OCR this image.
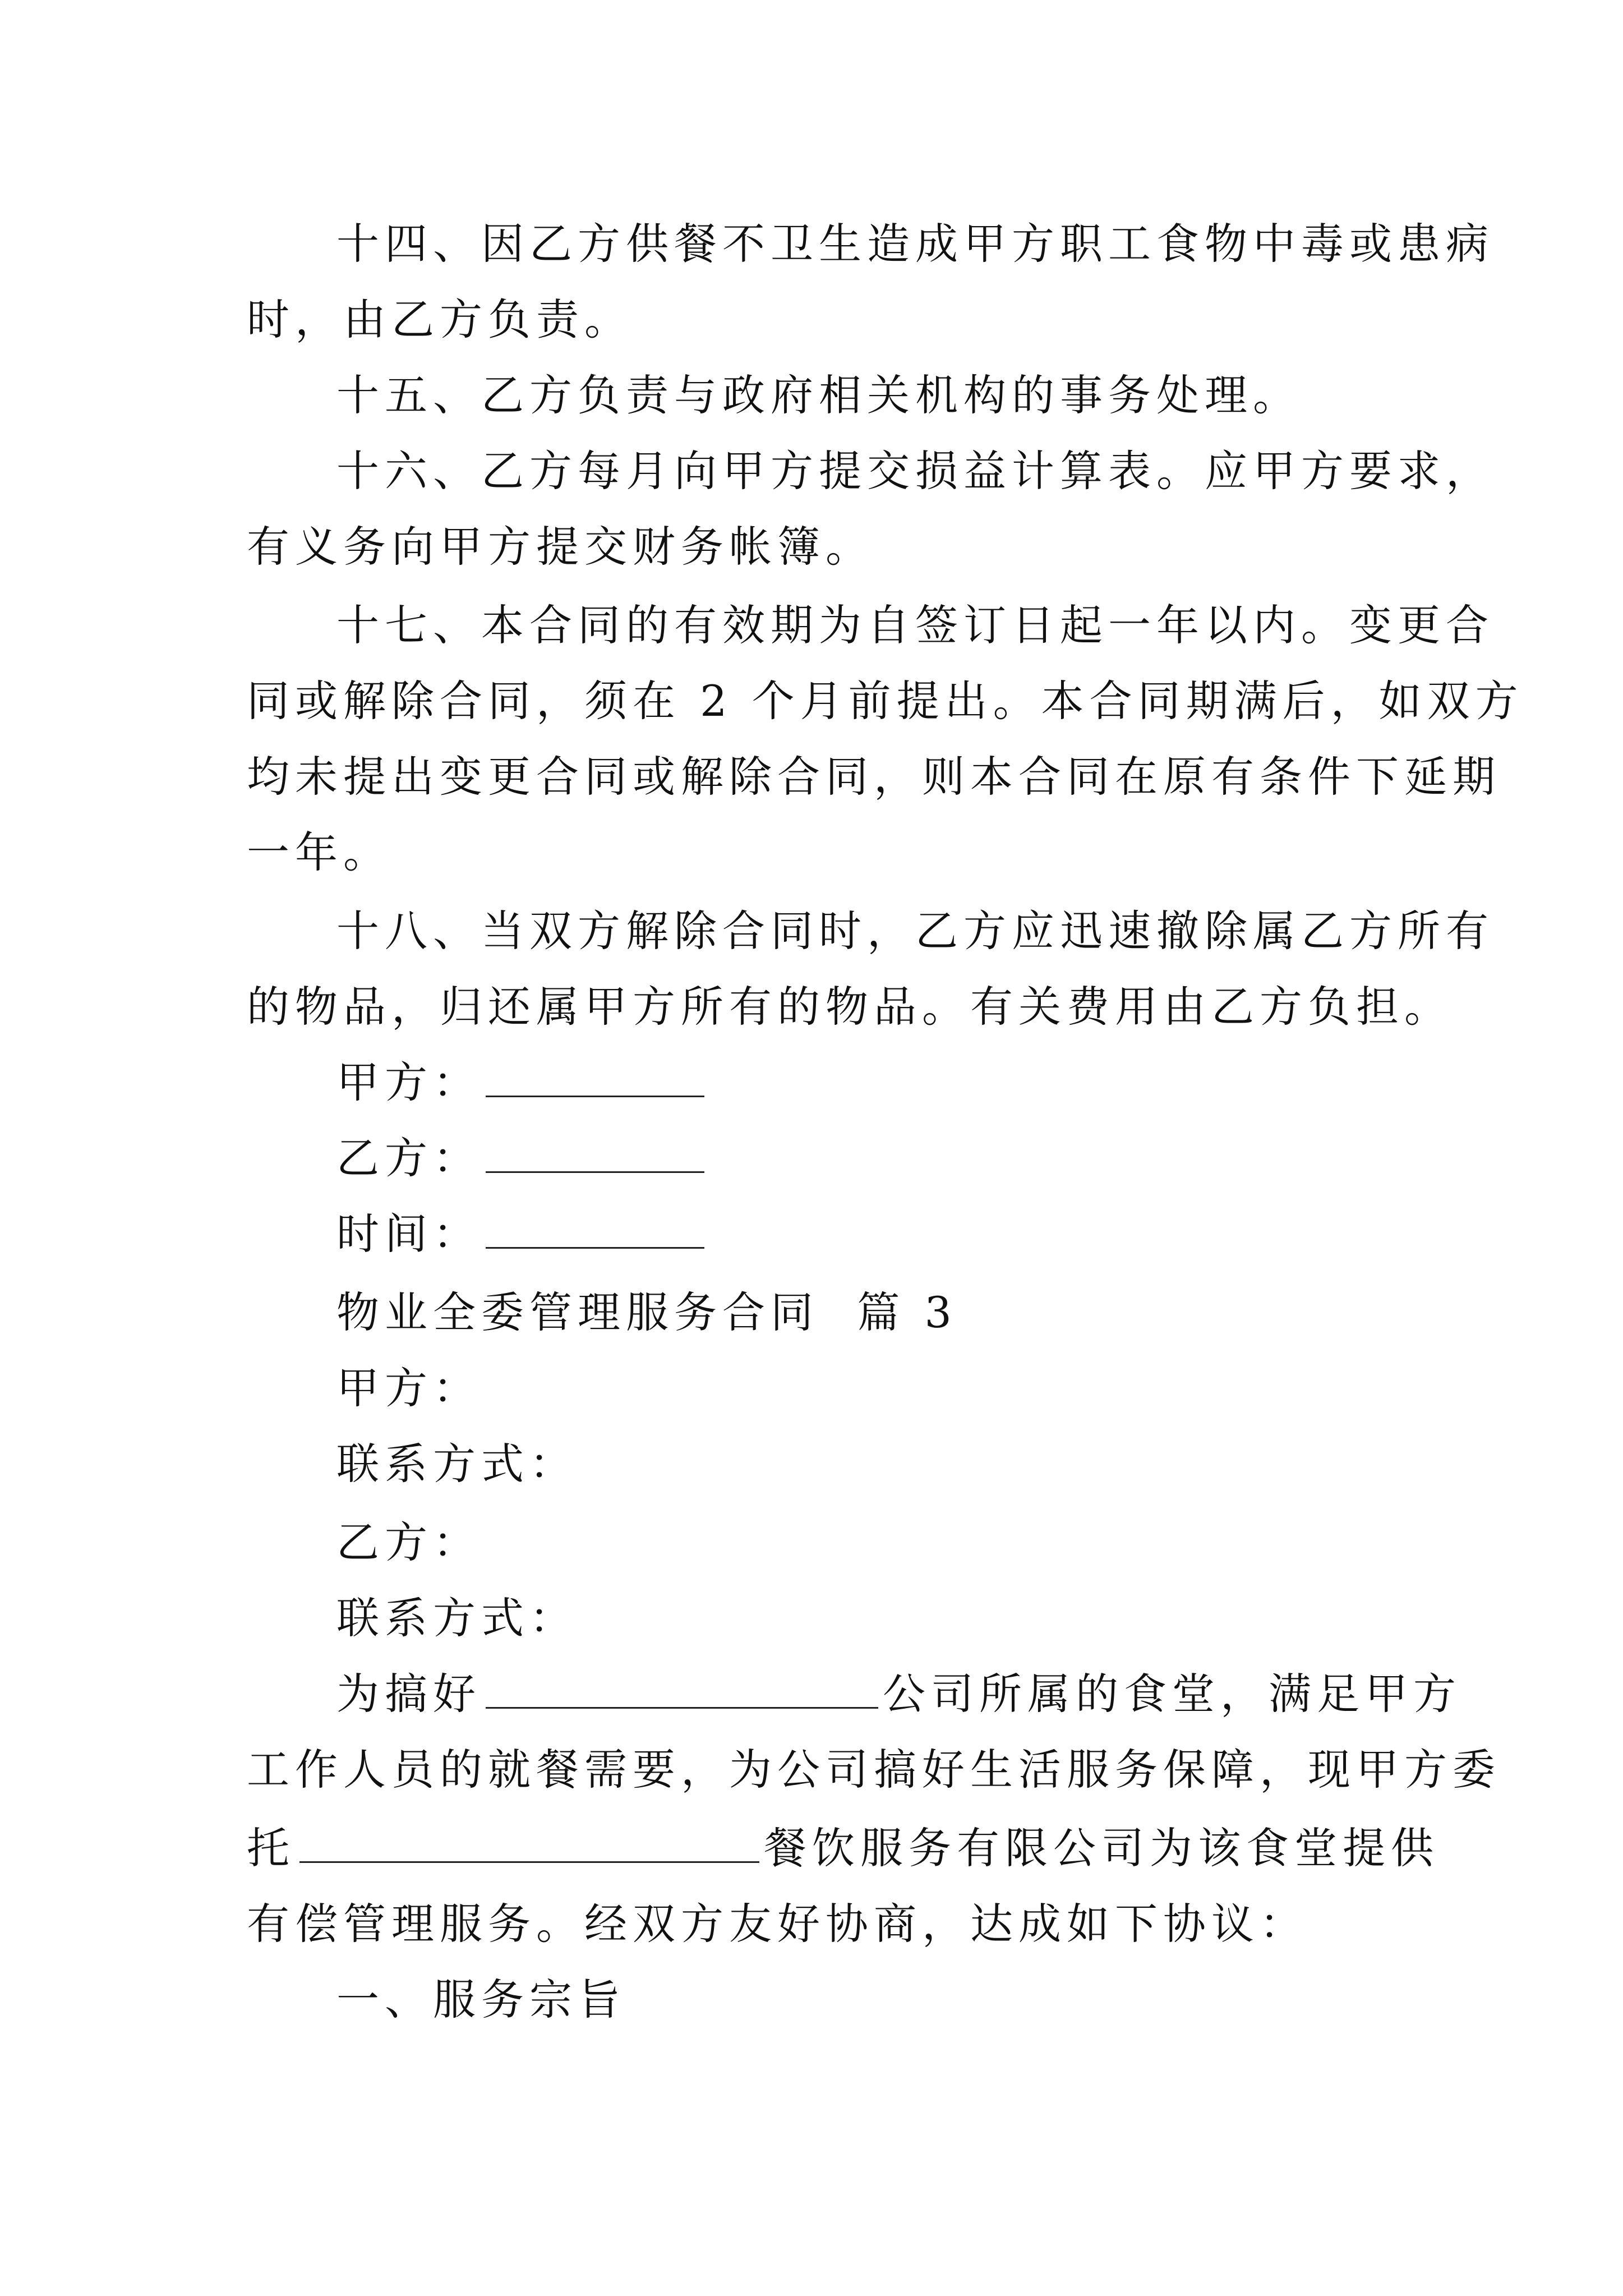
十四、因乙方供餐不卫生造成甲方职工食物中毒或患病
时，由乙方负责。
十五、乙方负责与政府相关机构的事务处理。
十六、乙方每月向甲方提交损益计算表。应甲方要求，
有义务向甲方提交财务帐簿。
十七、本合同的有效期为自签订日起一年以内。变更合
同或解除合同，须在 2 个月前提出。本合同期满后，如双方
均未提出变更合同或解除合同，则本合同在原有条件下延期
一年。
十八、当双方解除合同时，乙方应迅速撤除属乙方所有
的物品，归还属甲方所有的物品。有关费用由乙方负担。
甲方：
乙方：
时间：
物业全委管理服务合同  篇 3
甲方：
联系方式：
乙方：
联系方式：
为搞好	公司所属的食堂，满足甲方
工作人员的就餐需要，为公司搞好生活服务保障，现甲方委
托	餐饮服务有限公司为该食堂提供
有偿管理服务。经双方友好协商，达成如下协议：
一、服务宗旨
